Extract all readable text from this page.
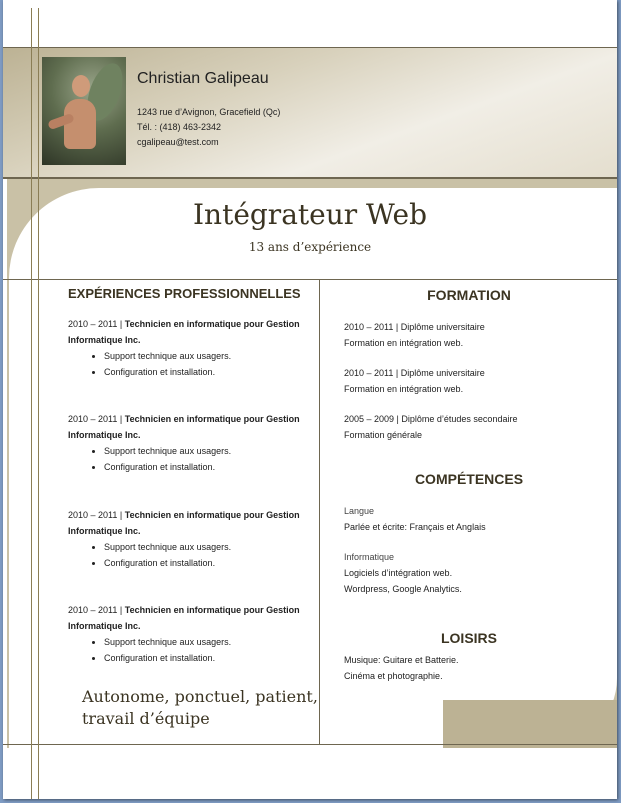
Christian Galipeau
1243 rue d’Avignon, Gracefield (Qc)
Tél. : (418) 463-2342
cgalipeau@test.com
Intégrateur Web
13 ans d’expérience
EXPÉRIENCES PROFESSIONNELLES
2010 – 2011 | Technicien en informatique pour Gestion Informatique Inc.
• Support technique aux usagers.
• Configuration et installation.
2010 – 2011 | Technicien en informatique pour Gestion Informatique Inc.
• Support technique aux usagers.
• Configuration et installation.
2010 – 2011 | Technicien en informatique pour Gestion Informatique Inc.
• Support technique aux usagers.
• Configuration et installation.
2010 – 2011 | Technicien en informatique pour Gestion Informatique Inc.
• Support technique aux usagers.
• Configuration et installation.
Autonome, ponctuel, patient, travail d’équipe
FORMATION
2010 – 2011 | Diplôme universitaire
Formation en intégration web.
2010 – 2011 | Diplôme universitaire
Formation en intégration web.
2005 – 2009 | Diplôme d’études secondaire
Formation générale
COMPÉTENCES
Langue
Parlée et écrite: Français et Anglais
Informatique
Logiciels d’intégration web.
Wordpress, Google Analytics.
LOISIRS
Musique: Guitare et Batterie.
Cinéma et photographie.
